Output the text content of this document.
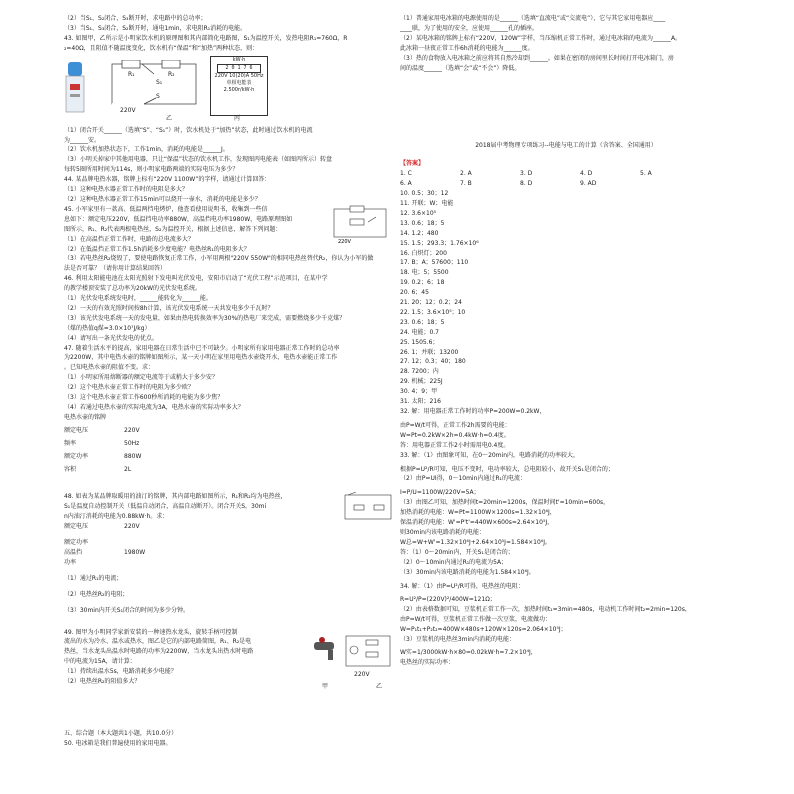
（2）当S₁、S₂闭合，S₃断开时，求电路中的总功率；
（3）当S₁、S₃闭合，S₂断开时，通电1min，求电阻R₁消耗的电能。
43. 如图甲，乙所示是小明家饮水机的原理图和其内部简化电路图，S₁为温控开关，发热电阻R₁=760Ω，R
₂=40Ω，且阻值不随温度变化，饮水机有“保温”和“加热”两种状态，则：
R₁	R₂
S₁
S
220V
乙
kW·h
2 0 1 7 6
220V 10(20)A 50Hz
单相电能表
2.500r/kW·h
丙
（1）闭合开关______（选填“S”、“S₁”）时，饮水机处于“加热”状态，此时通过饮水机的电流
为______安。
（2）饮水机加热状态下，工作1min，消耗的电能是______J。
（3）小明关掉家中其他用电器，只让“保温”状态的饮水机工作，发现图丙电能表（如图丙所示）转盘
每转5圈所用时间为114s，则小明家电路两端的实际电压为多少？
44. 某品牌电热水器，铭牌上标有“220V 1100W”的字样，请通过计算回答：
（1）这种电热水器正常工作时的电阻是多大？
（2）这种电热水器正常工作15min可以烧开一壶水，消耗的电能是多少？
45. 小军家里有一款高、低温两挡电烤炉，他查看使用说明书，收集到一些信
息如下：额定电压220V，低温挡电功率880W，高温挡电功率1980W，电路原理图如
图所示，R₁、R₂代表两根电热丝，S₂为温控开关，根据上述信息，解答下列问题：
220V
（1）在高温挡正常工作时，电路的总电流多大？
（2）在低温挡正常工作1.5h消耗多少度电能？电热丝R₁的电阻多大？
（3）若电热丝R₂烧毁了，要使电路恢复正常工作，小军用两根"220V 550W"的相同电热丝替代R₂，你认为小军的做
法是否可靠？（请你用计算结果回答）
46. 利用太阳能电池在太阳光照射下发电叫光伏发电，安阳市启动了“光伏工程”示范项目，在某中学
的教学楼顶安装了总功率为20kW的光伏发电系统。
（1）光伏发电系统发电时，______能转化为______能。
（2）一天的有效光照时间按8h计算，该光伏发电系统一天共发电多少千瓦时？
（3）该光伏发电系统一天的发电量，如果由热电转换效率为30%的热电厂来完成，需要燃烧多少千克煤？
（煤的热值q煤=3.0×10⁷J/kg）
（4）请写出一条光伏发电的优点。
47. 随着生活水平的提高，家用电器在日常生活中已不可缺少。小明家所有家用电器正常工作时的总功率
为2200W，其中电热水壶的铭牌如图所示，某一天小明在家里用电热水壶烧开水，电热水壶能正常工作
。已知电热水壶的阻值不变。求：
（1）小明家所用熔断器的额定电流等于或稍大于多少安？
（2）这个电热水壶正常工作时的电阻为多少欧？
（3）这个电热水壶正常工作600秒所消耗的电能为多少焦？
（4）若通过电热水壶的实际电流为3A，电热水壶的实际功率多大？
电热水壶的铭牌
额定电压	220V
频率	50Hz
额定功率	880W
容积	2L
48. 如表为某品牌取暖用的油汀的铭牌，其内部电路如图所示，R₁和R₂均为电热丝，
S₁是温度自动控制开关（低温自动闭合，高温自动断开）。闭合开关S，30mi
n内油汀消耗的电能为0.88kW·h。求：
额定电压	220V
额定功率
高温挡	1980W
功率
（1）通过R₁的电流；
（2）电热丝R₂的电阻；
（3）30min内开关S₁闭合的时间为多少分钟。
49. 图甲为小明同学家新安装的一种速热水龙头，旋转手柄可控制
流出的水为冷水、温水或热水，图乙是它的内部电路简图，R₁、R₂是电
热丝，当水龙头出温水时电路的功率为2200W，当水龙头出热水时电路
中的电流为15A，请计算：
（1）持续出温水5s，电路消耗多少电能？
（2）电热丝R₂的阻值多大？
甲
220V
乙
五、综合题（本大题共1小题，共10.0分）
50. 电冰箱是我们普遍使用的家用电器。
（1）普通家用电冰箱的电源使用的是______（选填“直流电”或“交流电”），它与其它家用电器应____
____联，为了使用的安全，应使用______孔的插座。
（2）某电冰箱的铭牌上标有“220V，120W”字样，当压缩机正常工作时，通过电冰箱的电流为______A。
此冰箱一昼夜正常工作6h消耗的电能为______度。
（3）热的食物放入电冰箱之前应将其自然冷却到______。如果在密闭的房间里长时间打开电冰箱门，房
间的温度______（选填“会”或“不会”）降低。
2018届中考物理专项练习--电能与电工的计算（含答案、全国通用）
【答案】
1. C	2. A	3. D	4. D	5. A
6. A	7. B	8. D	9. AD
10. 0.5；30；12
11. 开联；W；电能
12. 3.6×10⁵
13. 0.6；18；5
14. 1.2；480
15. 1.5；293.3；1.76×10⁶
16. 白炽灯；200
17. B；A；57600；110
18. 电；5；5500
19. 0.2；6；18
20. 6；45
21. 20；12；0.2；24
22. 1.5；3.6×10⁵；10
23. 0.6；18；5
24. 电能；0.7
25. 1505.6；
26. 1；并联；13200
27. 12；0.3；40；180
28. 7200；内
29. 机械；225J
30. 4；9；甲
31. 太阳；216
32. 解：用电器正常工作时的功率P=200W=0.2kW，
由P=W/t可得，正常工作2h需要的电能：
W=Pt=0.2kW×2h=0.4kW·h=0.4度。
答：用电器正常工作2小时需用电0.4度。
33. 解：（1）由图象可知，在0～20min内，电路消耗的功率较大，
根据P=U²/R可知，电压不变时，电功率较大，总电阻较小，故开关S₁是闭合的；
（2）由P=UI得，0～10min内通过R₁的电流：
I=P/U=1100W/220V=5A；
（3）由图乙可知，加热时间t=20min=1200s，保温时间t'=10min=600s，
加热消耗的电能：W=Pt=1100W×1200s=1.32×10⁶J，
保温消耗的电能：W'=P't'=440W×600s=2.64×10⁵J，
则30min内该电路消耗的电能：
W总=W+W'=1.32×10⁶J+2.64×10⁵J=1.584×10⁶J。
答：（1）0～20min内，开关S₁是闭合的；
（2）0～10min内通过R₁的电流为5A；
（3）30min内该电路消耗的电能为1.584×10⁶J。
34. 解：（1）由P=U²/R可得，电热丝的电阻：
R=U²/P=(220V)²/400W=121Ω；
（2）由表格数据可知，豆浆机正常工作一次，加热时间t₁=3min=480s，电动机工作时间t₂=2min=120s，
由P=W/t可得，豆浆机正常工作做一次豆浆，电流做功：
W=P₁t₁+P₂t₂=400W×480s+120W×120s=2.064×10⁵J；
（3）豆浆机的电热丝3min内消耗的电能：
W实=1/3000kW·h×80=0.02kW·h=7.2×10⁴J，
电热丝的实际功率：
